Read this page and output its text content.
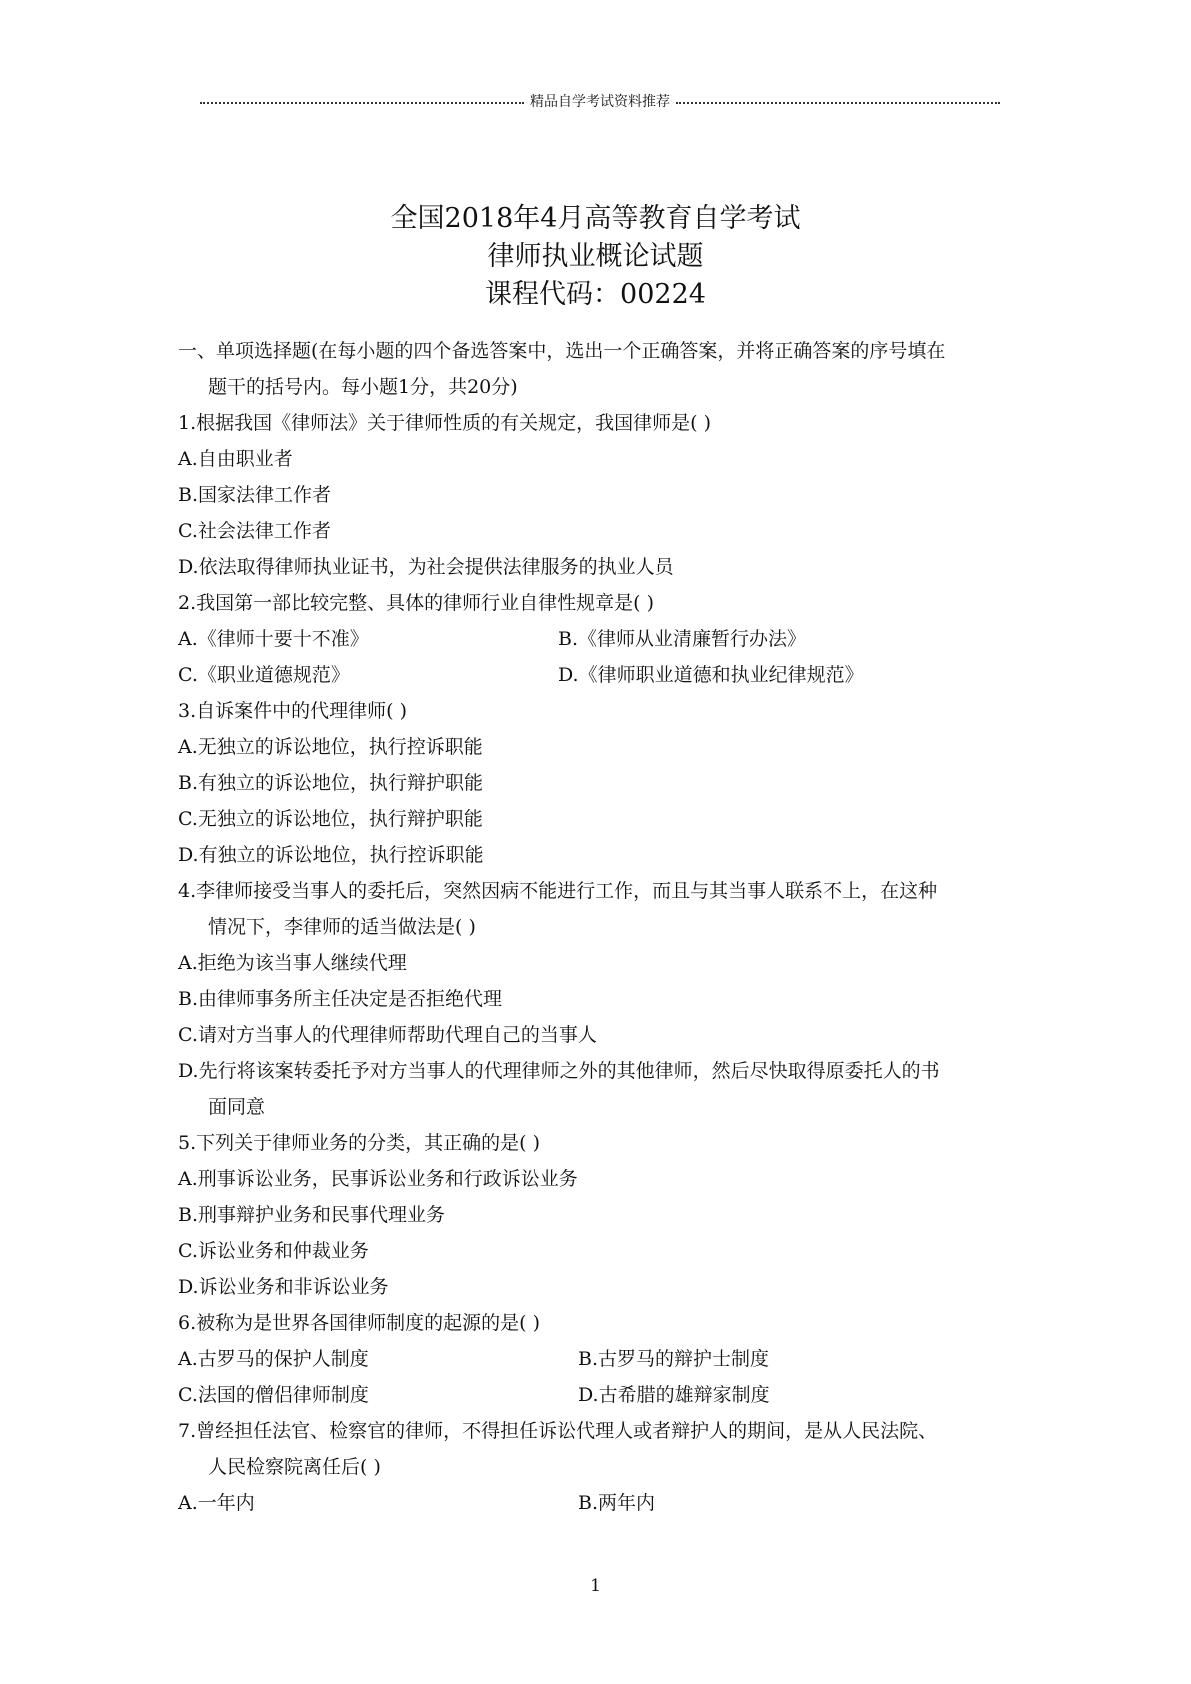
精品自学考试资料推荐
全国2018年4月高等教育自学考试
律师执业概论试题
课程代码：00224
一、单项选择题(在每小题的四个备选答案中，选出一个正确答案，并将正确答案的序号填在
题干的括号内。每小题1分，共20分)
1.根据我国《律师法》关于律师性质的有关规定，我国律师是( )
A.自由职业者
B.国家法律工作者
C.社会法律工作者
D.依法取得律师执业证书，为社会提供法律服务的执业人员
2.我国第一部比较完整、具体的律师行业自律性规章是( )
A.《律师十要十不准》	B.《律师从业清廉暂行办法》
C.《职业道德规范》	D.《律师职业道德和执业纪律规范》
3.自诉案件中的代理律师( )
A.无独立的诉讼地位，执行控诉职能
B.有独立的诉讼地位，执行辩护职能
C.无独立的诉讼地位，执行辩护职能
D.有独立的诉讼地位，执行控诉职能
4.李律师接受当事人的委托后，突然因病不能进行工作，而且与其当事人联系不上，在这种
情况下，李律师的适当做法是( )
A.拒绝为该当事人继续代理
B.由律师事务所主任决定是否拒绝代理
C.请对方当事人的代理律师帮助代理自己的当事人
D.先行将该案转委托予对方当事人的代理律师之外的其他律师，然后尽快取得原委托人的书
面同意
5.下列关于律师业务的分类，其正确的是( )
A.刑事诉讼业务，民事诉讼业务和行政诉讼业务
B.刑事辩护业务和民事代理业务
C.诉讼业务和仲裁业务
D.诉讼业务和非诉讼业务
6.被称为是世界各国律师制度的起源的是( )
A.古罗马的保护人制度	B.古罗马的辩护士制度
C.法国的僧侣律师制度	D.古希腊的雄辩家制度
7.曾经担任法官、检察官的律师，不得担任诉讼代理人或者辩护人的期间，是从人民法院、
人民检察院离任后( )
A.一年内	B.两年内
1
